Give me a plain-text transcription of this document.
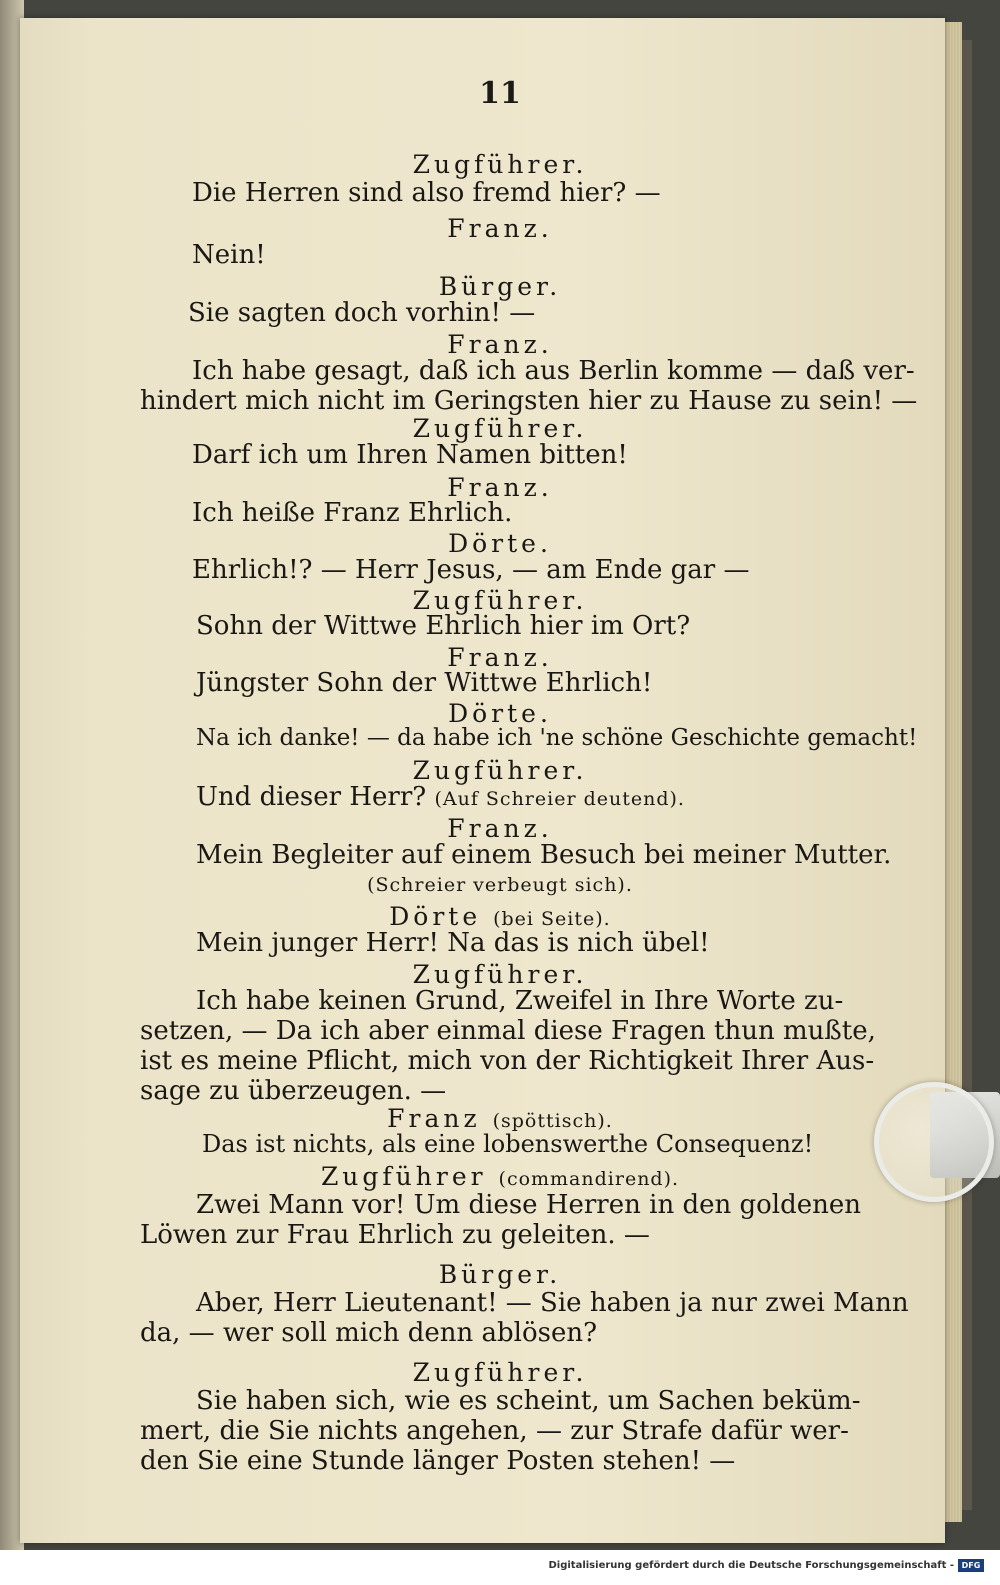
11
Zugführer.
Die Herren sind also fremd hier? —
Franz.
Nein!
Bürger.
Sie sagten doch vorhin! —
Franz.
Ich habe gesagt, daß ich aus Berlin komme — daß ver-
hindert mich nicht im Geringsten hier zu Hause zu sein! —
Zugführer.
Darf ich um Ihren Namen bitten!
Franz.
Ich heiße Franz Ehrlich.
Dörte.
Ehrlich!? — Herr Jesus, — am Ende gar —
Zugführer.
Sohn der Wittwe Ehrlich hier im Ort?
Franz.
Jüngster Sohn der Wittwe Ehrlich!
Dörte.
Na ich danke! — da habe ich 'ne schöne Geschichte gemacht!
Zugführer.
Und dieser Herr? (Auf Schreier deutend).
Franz.
Mein Begleiter auf einem Besuch bei meiner Mutter.
(Schreier verbeugt sich).
Dörte (bei Seite).
Mein junger Herr! Na das is nich übel!
Zugführer.
Ich habe keinen Grund, Zweifel in Ihre Worte zu-
setzen, — Da ich aber einmal diese Fragen thun mußte,
ist es meine Pflicht, mich von der Richtigkeit Ihrer Aus-
sage zu überzeugen. —
Franz (spöttisch).
Das ist nichts, als eine lobenswerthe Consequenz!
Zugführer (commandirend).
Zwei Mann vor! Um diese Herren in den goldenen
Löwen zur Frau Ehrlich zu geleiten. —
Bürger.
Aber, Herr Lieutenant! — Sie haben ja nur zwei Mann
da, — wer soll mich denn ablösen?
Zugführer.
Sie haben sich, wie es scheint, um Sachen beküm-
mert, die Sie nichts angehen, — zur Strafe dafür wer-
den Sie eine Stunde länger Posten stehen! —
Digitalisierung gefördert durch die Deutsche Forschungsgemeinschaft - DFG
